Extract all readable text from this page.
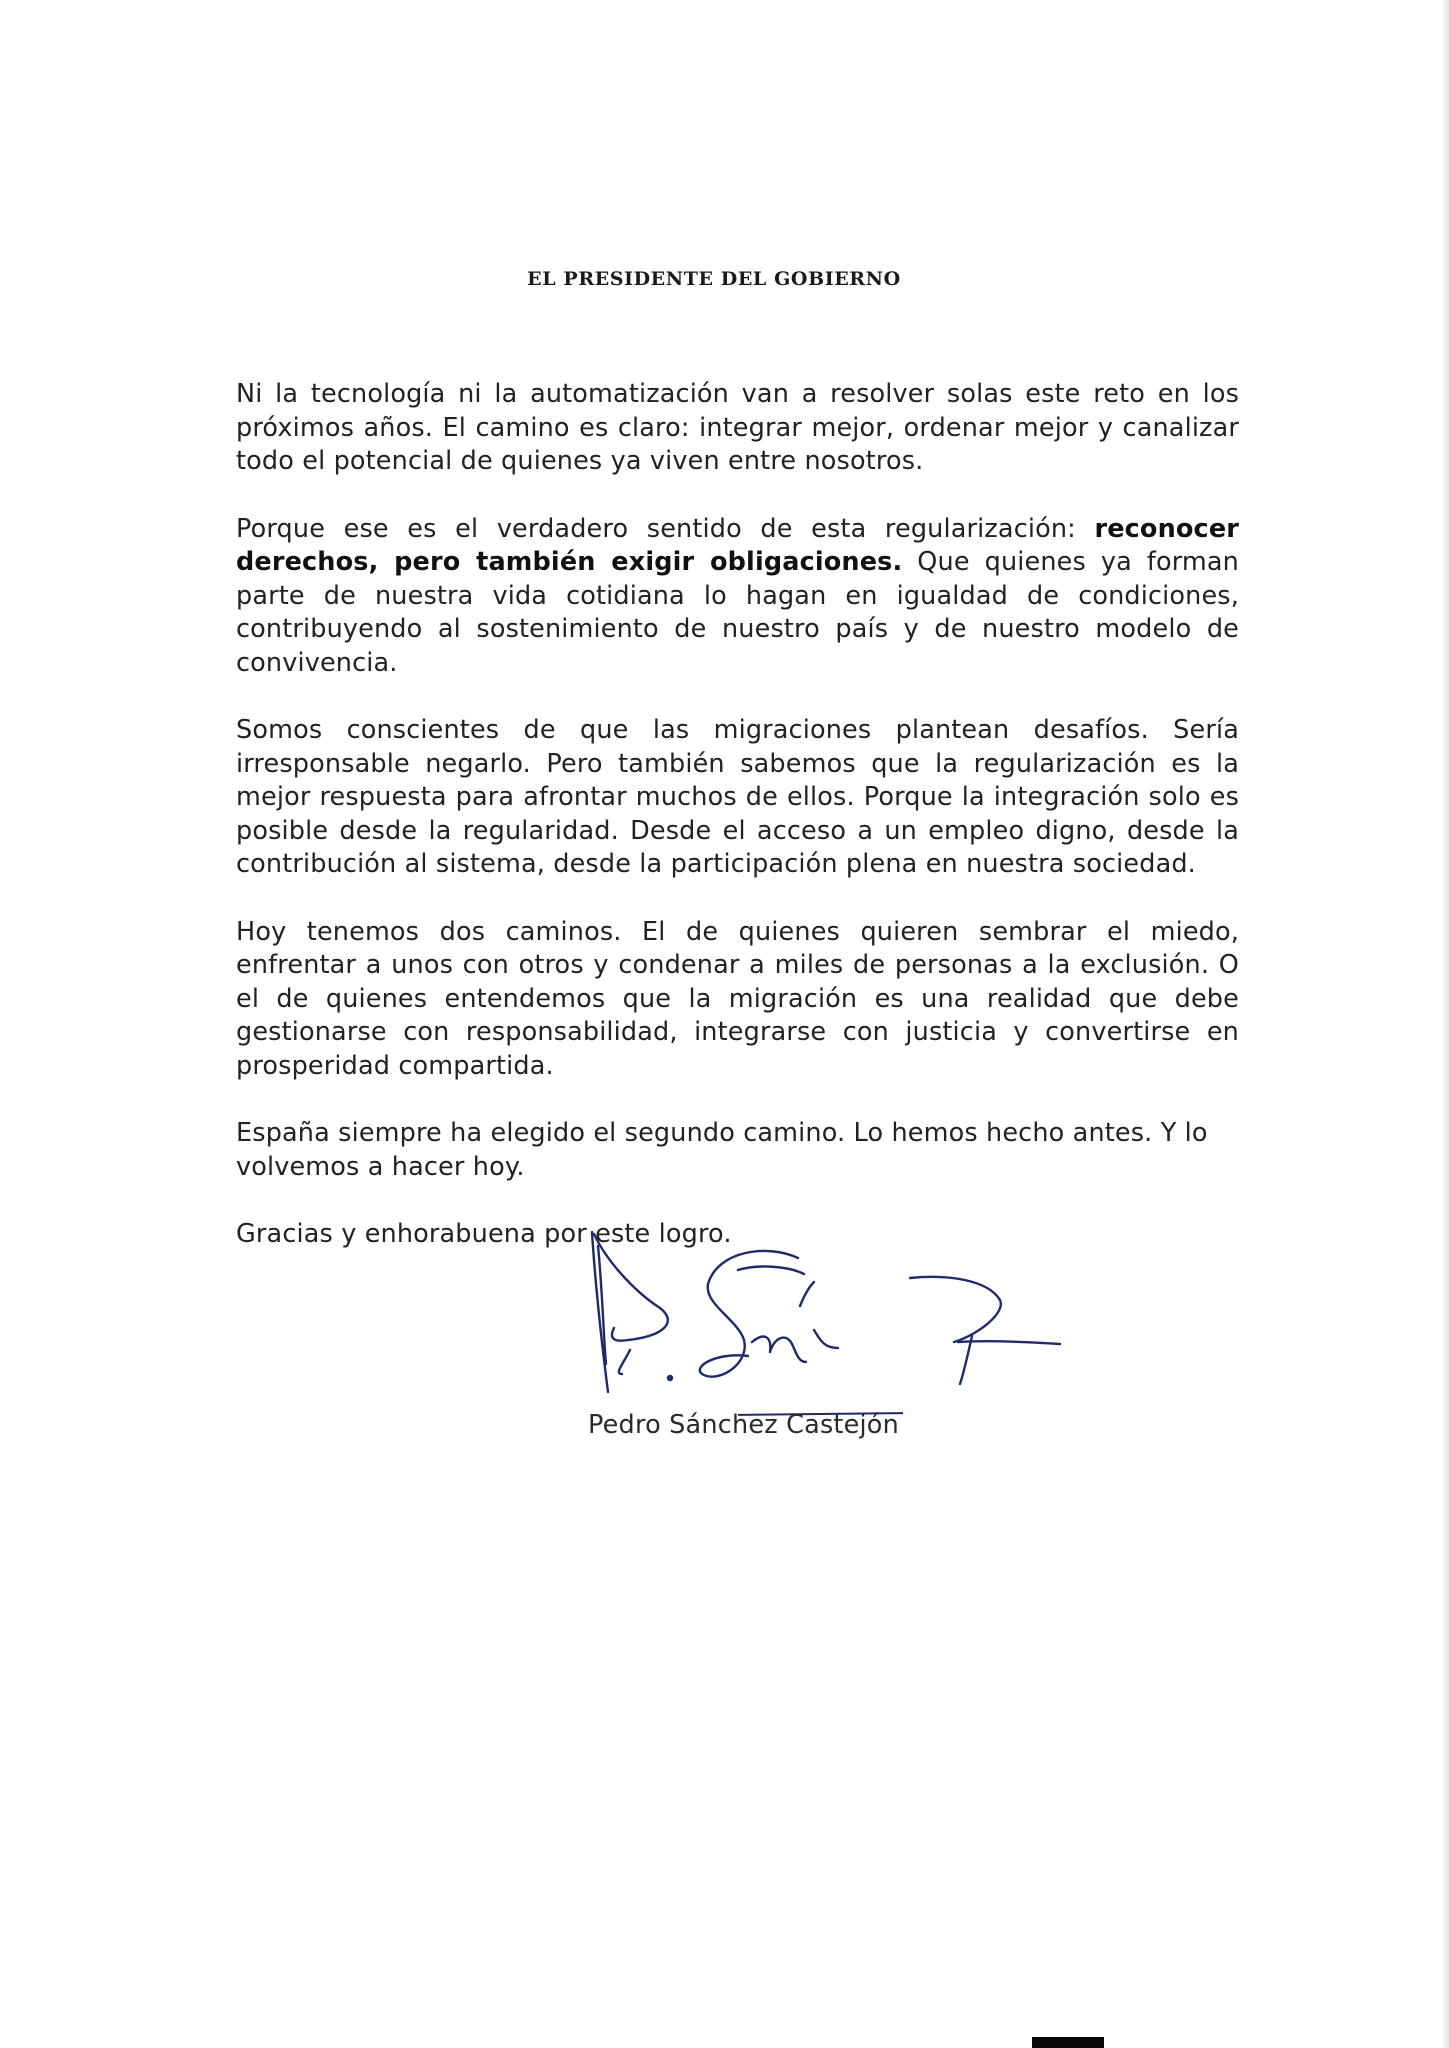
EL PRESIDENTE DEL GOBIERNO

Ni la tecnología ni la automatización van a resolver solas este reto en los próximos años. El camino es claro: integrar mejor, ordenar mejor y canalizar todo el potencial de quienes ya viven entre nosotros.

Porque ese es el verdadero sentido de esta regularización: reconocer derechos, pero también exigir obligaciones. Que quienes ya forman parte de nuestra vida cotidiana lo hagan en igualdad de condiciones, contribuyendo al sostenimiento de nuestro país y de nuestro modelo de convivencia.

Somos conscientes de que las migraciones plantean desafíos. Sería irresponsable negarlo. Pero también sabemos que la regularización es la mejor respuesta para afrontar muchos de ellos. Porque la integración solo es posible desde la regularidad. Desde el acceso a un empleo digno, desde la contribución al sistema, desde la participación plena en nuestra sociedad.

Hoy tenemos dos caminos. El de quienes quieren sembrar el miedo, enfrentar a unos con otros y condenar a miles de personas a la exclusión. O el de quienes entendemos que la migración es una realidad que debe gestionarse con responsabilidad, integrarse con justicia y convertirse en prosperidad compartida.

España siempre ha elegido el segundo camino. Lo hemos hecho antes. Y lo volvemos a hacer hoy.

Gracias y enhorabuena por este logro.

Pedro Sánchez Castejón
